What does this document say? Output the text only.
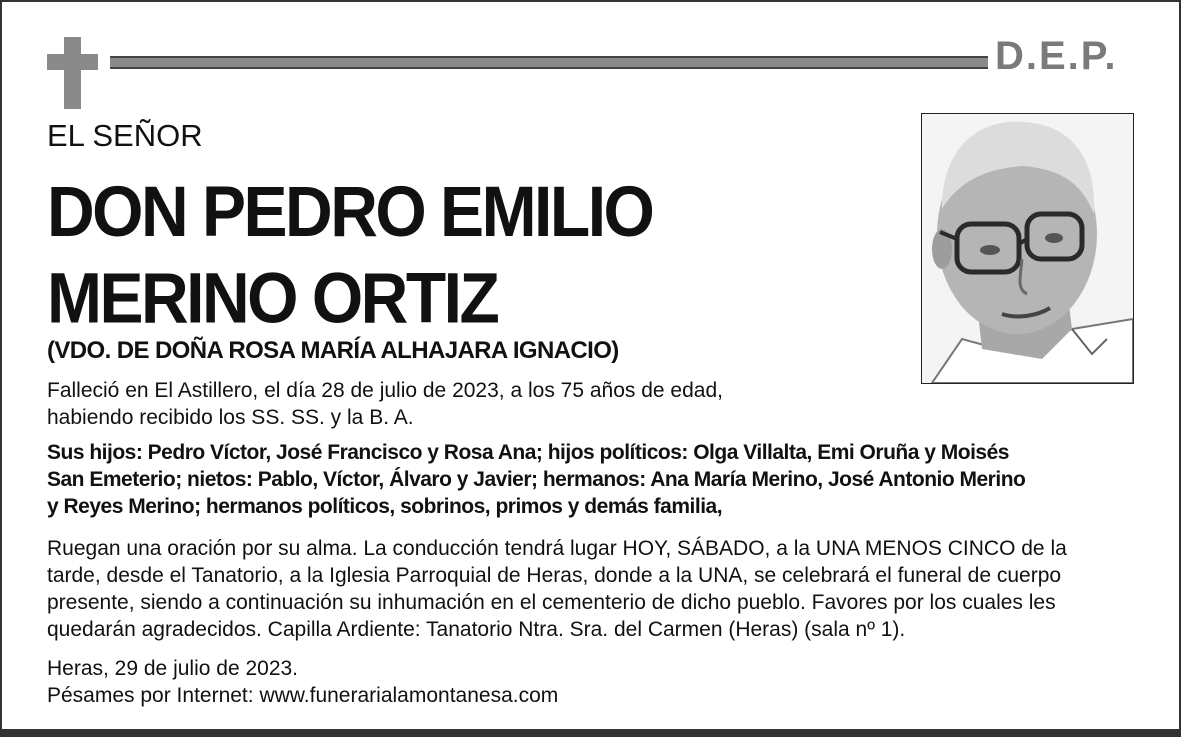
D.E.P.
EL SEÑOR
DON PEDRO EMILIO
MERINO ORTIZ
(VDO. DE DOÑA ROSA MARÍA ALHAJARA IGNACIO)
Falleció en El Astillero, el día 28 de julio de 2023, a los 75 años de edad,
habiendo recibido los SS. SS. y la B. A.
Sus hijos: Pedro Víctor, José Francisco y Rosa Ana; hijos políticos: Olga Villalta, Emi Oruña y Moisés
San Emeterio; nietos: Pablo, Víctor, Álvaro y Javier; hermanos: Ana María Merino, José Antonio Merino
y Reyes Merino; hermanos políticos, sobrinos, primos y demás familia,
Ruegan una oración por su alma. La conducción tendrá lugar HOY, SÁBADO, a la UNA MENOS CINCO de la
tarde, desde el Tanatorio, a la Iglesia Parroquial de Heras, donde a la UNA, se celebrará el funeral de cuerpo
presente, siendo a continuación su inhumación en el cementerio de dicho pueblo. Favores por los cuales les
quedarán agradecidos. Capilla Ardiente: Tanatorio Ntra. Sra. del Carmen (Heras) (sala nº 1).
Heras, 29 de julio de 2023.
Pésames por Internet: www.funerarialamontanesa.com
